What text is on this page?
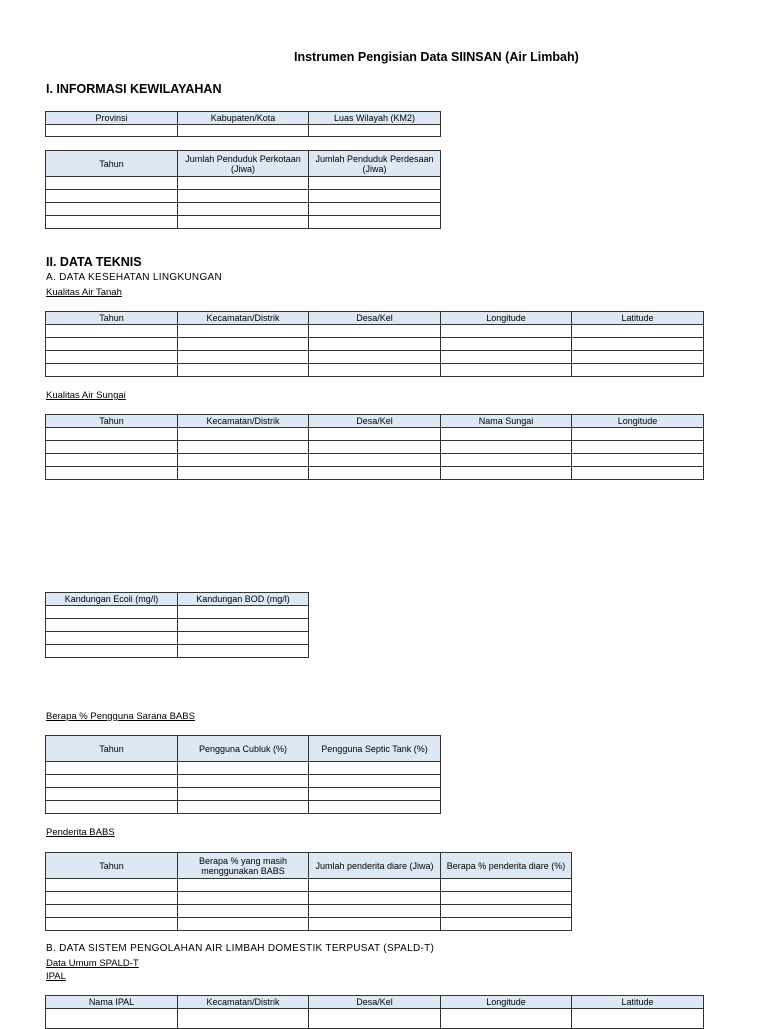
Instrumen Pengisian Data SIINSAN (Air Limbah)
I. INFORMASI KEWILAYAHAN
Provinsi	Kabupaten/Kota	Luas Wilayah (KM2)

Tahun	Jumlah Penduduk Perkotaan (Jiwa)	Jumlah Penduduk Perdesaan (Jiwa)

II. DATA TEKNIS
A. DATA KESEHATAN LINGKUNGAN
Kualitas Air Tanah
Tahun	Kecamatan/Distrik	Desa/Kel	Longitude	Latitude

Kualitas Air Sungai
Tahun	Kecamatan/Distrik	Desa/Kel	Nama Sungai	Longitude

Kandungan Ecoli (mg/l)	Kandungan BOD (mg/l)

Berapa % Pengguna Sarana BABS
Tahun	Pengguna Cubluk (%)	Pengguna Septic Tank (%)

Penderita BABS
Tahun	Berapa % yang masih menggunakan BABS	Jumlah penderita diare (Jiwa)	Berapa % penderita diare (%)

B. DATA SISTEM PENGOLAHAN AIR LIMBAH DOMESTIK TERPUSAT (SPALD-T)
Data Umum SPALD-T
IPAL
Nama IPAL	Kecamatan/Distrik	Desa/Kel	Longitude	Latitude
